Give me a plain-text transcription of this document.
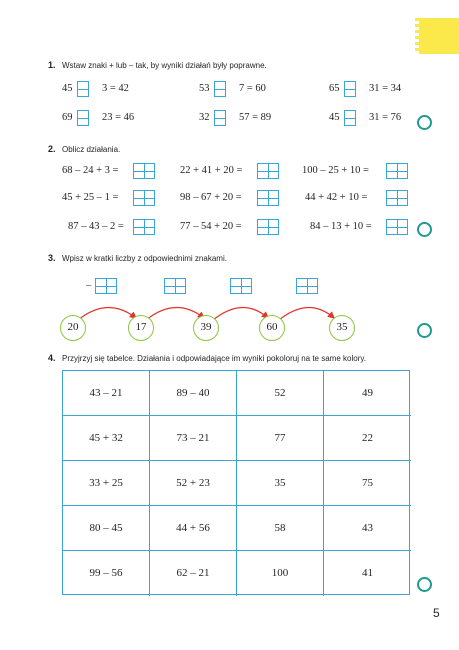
1. Wstaw znaki + lub – tak, by wyniki działań były poprawne.
45	3 = 42	53	7 = 60	65	31 = 34
69	23 = 46	32	57 = 89	45	31 = 76
2. Oblicz działania.
68 – 24 + 3 =	22 + 41 + 20 =	100 – 25 + 10 =
45 + 25 – 1 =	98 – 67 + 20 =	44 + 42 + 10 =
87 – 43 – 2 =	77 – 54 + 20 =	84 – 13 + 10 =
3. Wpisz w kratki liczby z odpowiednimi znakami.
–
20	17	39	60	35
4. Przyjrzyj się tabelce. Działania i odpowiadające im wyniki pokoloruj na te same kolory.
43 – 21	89 – 40	52	49
45 + 32	73 – 21	77	22
33 + 25	52 + 23	35	75
80 – 45	44 + 56	58	43
99 – 56	62 – 21	100	41
5
